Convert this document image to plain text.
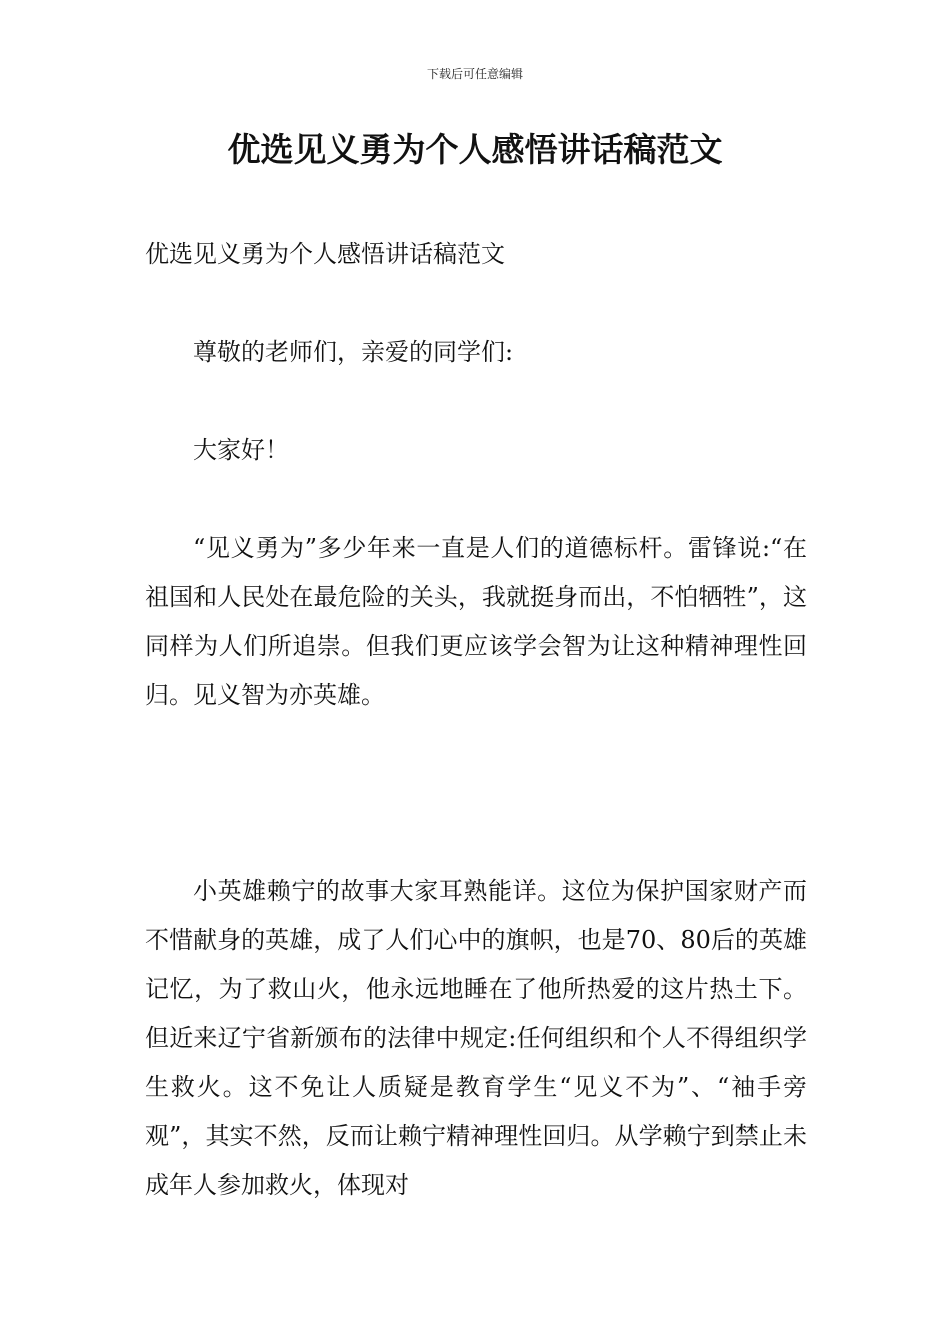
下载后可任意编辑
优选见义勇为个人感悟讲话稿范文

优选见义勇为个人感悟讲话稿范文

尊敬的老师们，亲爱的同学们:

大家好！

“见义勇为”多少年来一直是人们的道德标杆。雷锋说:“在祖国和人民处在最危险的关头，我就挺身而出，不怕牺牲”，这同样为人们所追崇。但我们更应该学会智为让这种精神理性回归。见义智为亦英雄。

小英雄赖宁的故事大家耳熟能详。这位为保护国家财产而不惜献身的英雄，成了人们心中的旗帜，也是70、80后的英雄记忆，为了救山火，他永远地睡在了他所热爱的这片热土下。但近来辽宁省新颁布的法律中规定:任何组织和个人不得组织学生救火。这不免让人质疑是教育学生“见义不为”、“袖手旁观”，其实不然，反而让赖宁精神理性回归。从学赖宁到禁止未成年人参加救火，体现对
